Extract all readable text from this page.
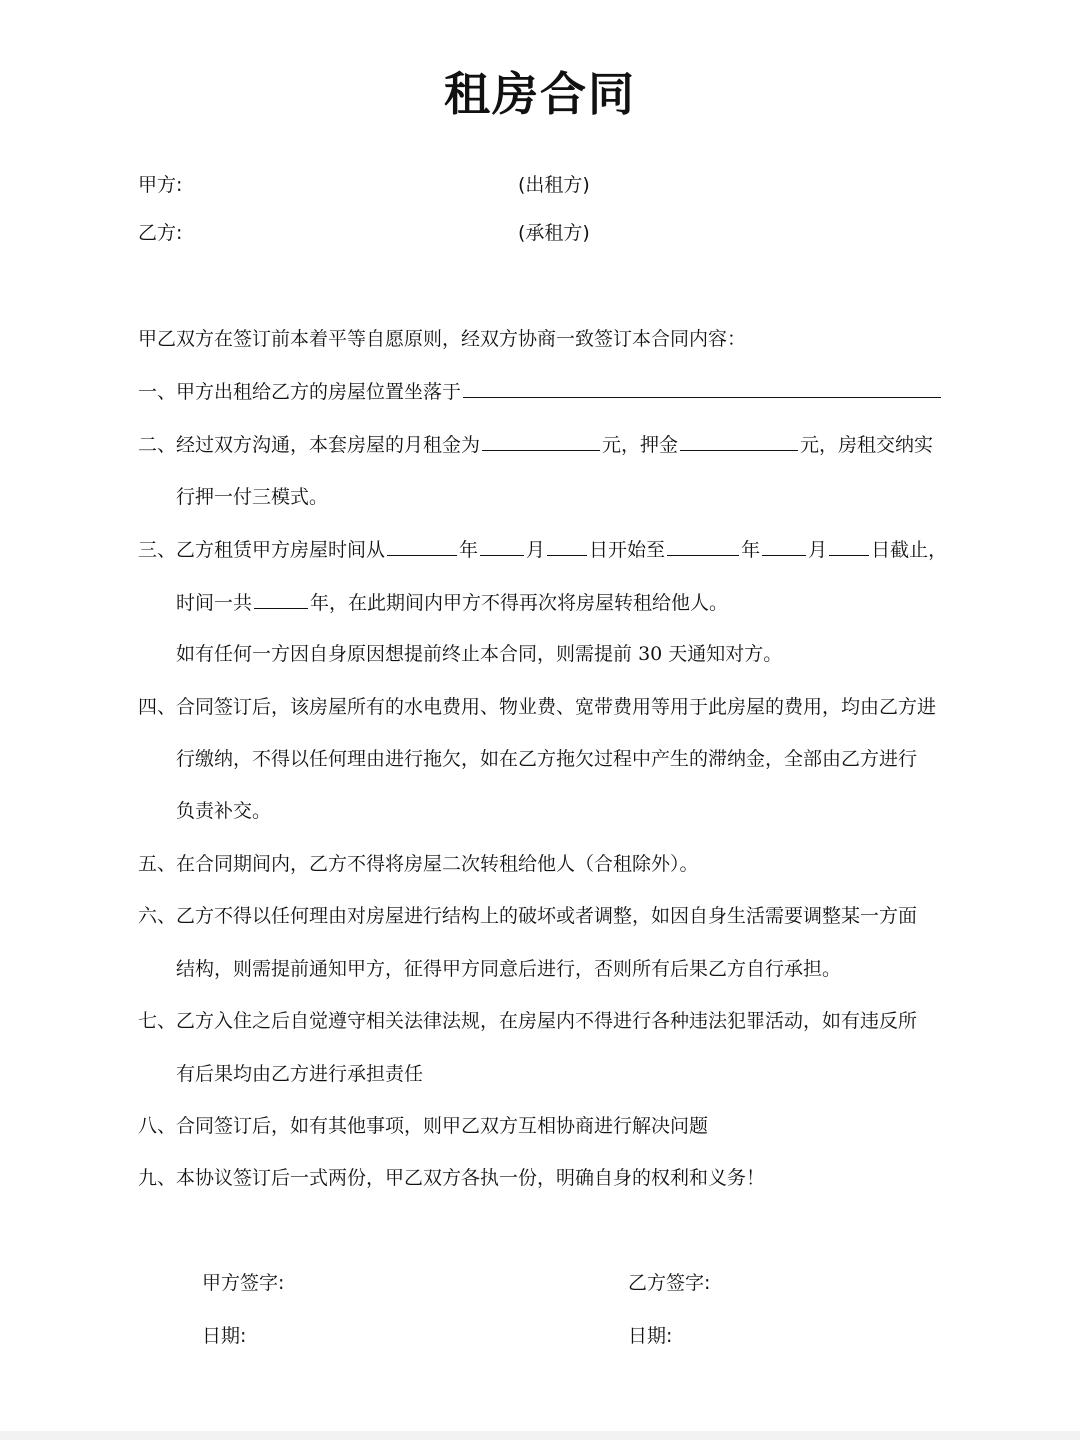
租房合同
甲方:	(出租方)
乙方:	(承租方)
甲乙双方在签订前本着平等自愿原则，经双方协商一致签订本合同内容：
一、甲方出租给乙方的房屋位置坐落于
二、经过双方沟通，本套房屋的月租金为	元，押金	元，房租交纳实
行押一付三模式。
三、乙方租赁甲方房屋时间从	年	月 日开始至	年	月 日截止，
时间一共	年，在此期间内甲方不得再次将房屋转租给他人。
如有任何一方因自身原因想提前终止本合同，则需提前 30 天通知对方。
四、合同签订后，该房屋所有的水电费用、物业费、宽带费用等用于此房屋的费用，均由乙方进
行缴纳，不得以任何理由进行拖欠，如在乙方拖欠过程中产生的滞纳金，全部由乙方进行
负责补交。
五、在合同期间内，乙方不得将房屋二次转租给他人（合租除外）。
六、乙方不得以任何理由对房屋进行结构上的破坏或者调整，如因自身生活需要调整某一方面
结构，则需提前通知甲方，征得甲方同意后进行，否则所有后果乙方自行承担。
七、乙方入住之后自觉遵守相关法律法规，在房屋内不得进行各种违法犯罪活动，如有违反所
有后果均由乙方进行承担责任
八、合同签订后，如有其他事项，则甲乙双方互相协商进行解决问题
九、本协议签订后一式两份，甲乙双方各执一份，明确自身的权利和义务！
甲方签字:	乙方签字:
日期:	日期:
